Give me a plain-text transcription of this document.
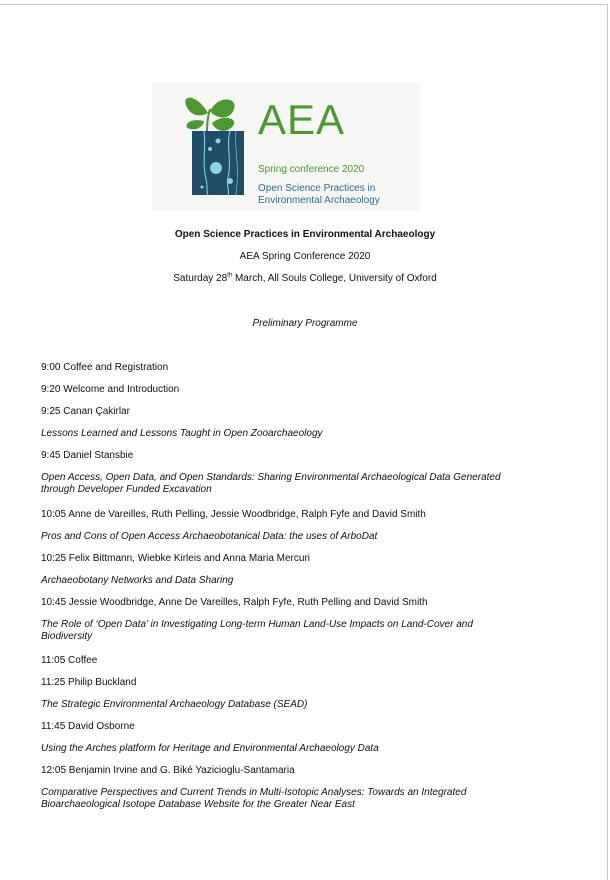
AEA
Spring conference 2020
Open Science Practices in Environmental Archaeology
Open Science Practices in Environmental Archaeology
AEA Spring Conference 2020
Saturday 28th March, All Souls College, University of Oxford
Preliminary Programme
9:00 Coffee and Registration
9:20 Welcome and Introduction
9:25 Canan Çakirlar
Lessons Learned and Lessons Taught in Open Zooarchaeology
9:45 Daniel Stansbie
Open Access, Open Data, and Open Standards: Sharing Environmental Archaeological Data Generated through Developer Funded Excavation
10:05 Anne de Vareilles, Ruth Pelling, Jessie Woodbridge, Ralph Fyfe and David Smith
Pros and Cons of Open Access Archaeobotanical Data: the uses of ArboDat
10:25 Felix Bittmann, Wiebke Kirleis and Anna Maria Mercuri
Archaeobotany Networks and Data Sharing
10:45 Jessie Woodbridge, Anne De Vareilles, Ralph Fyfe, Ruth Pelling and David Smith
The Role of ‘Open Data’ in Investigating Long-term Human Land-Use Impacts on Land-Cover and Biodiversity
11:05 Coffee
11:25 Philip Buckland
The Strategic Environmental Archaeology Database (SEAD)
11:45 David Osborne
Using the Arches platform for Heritage and Environmental Archaeology Data
12:05 Benjamin Irvine and G. Biké Yazicioglu-Santamaria
Comparative Perspectives and Current Trends in Multi-Isotopic Analyses: Towards an Integrated Bioarchaeological Isotope Database Website for the Greater Near East
